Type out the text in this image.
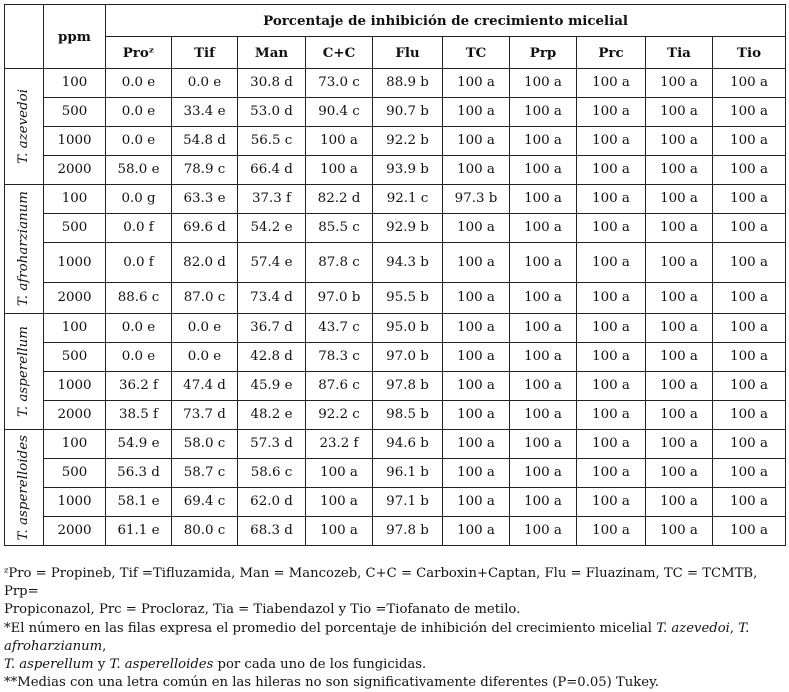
	ppm	Porcentaje de inhibición de crecimiento micelial									
		Proᶻ	Tif	Man	C+C	Flu	TC	Prp	Prc	Tia	Tio

T. azevedoi	100	0.0 e	0.0 e	30.8 d	73.0 c	88.9 b	100 a	100 a	100 a	100 a	100 a
	500	0.0 e	33.4 e	53.0 d	90.4 c	90.7 b	100 a	100 a	100 a	100 a	100 a
	1000	0.0 e	54.8 d	56.5 c	100 a	92.2 b	100 a	100 a	100 a	100 a	100 a
	2000	58.0 e	78.9 c	66.4 d	100 a	93.9 b	100 a	100 a	100 a	100 a	100 a

T. afroharzianum	100	0.0 g	63.3 e	37.3 f	82.2 d	92.1 c	97.3 b	100 a	100 a	100 a	100 a
	500	0.0 f	69.6 d	54.2 e	85.5 c	92.9 b	100 a	100 a	100 a	100 a	100 a
	1000	0.0 f	82.0 d	57.4 e	87.8 c	94.3 b	100 a	100 a	100 a	100 a	100 a
	2000	88.6 c	87.0 c	73.4 d	97.0 b	95.5 b	100 a	100 a	100 a	100 a	100 a

T. asperellum	100	0.0 e	0.0 e	36.7 d	43.7 c	95.0 b	100 a	100 a	100 a	100 a	100 a
	500	0.0 e	0.0 e	42.8 d	78.3 c	97.0 b	100 a	100 a	100 a	100 a	100 a
	1000	36.2 f	47.4 d	45.9 e	87.6 c	97.8 b	100 a	100 a	100 a	100 a	100 a
	2000	38.5 f	73.7 d	48.2 e	92.2 c	98.5 b	100 a	100 a	100 a	100 a	100 a

T. asperelloides	100	54.9 e	58.0 c	57.3 d	23.2 f	94.6 b	100 a	100 a	100 a	100 a	100 a
	500	56.3 d	58.7 c	58.6 c	100 a	96.1 b	100 a	100 a	100 a	100 a	100 a
	1000	58.1 e	69.4 c	62.0 d	100 a	97.1 b	100 a	100 a	100 a	100 a	100 a
	2000	61.1 e	80.0 c	68.3 d	100 a	97.8 b	100 a	100 a	100 a	100 a	100 a

ᶻPro = Propineb, Tif =Tifluzamida, Man = Mancozeb, C+C = Carboxin+Captan, Flu = Fluazinam, TC = TCMTB, Prp=

Propiconazol, Prc = Procloraz, Tia = Tiabendazol y Tio =Tiofanato de metilo.

*El número en las filas expresa el promedio del porcentaje de inhibición del crecimiento micelial T. azevedoi, T. afroharzianum,

T. asperellum y T. asperelloides por cada uno de los fungicidas.

**Medias con una letra común en las hileras no son significativamente diferentes (P=0.05) Tukey.
